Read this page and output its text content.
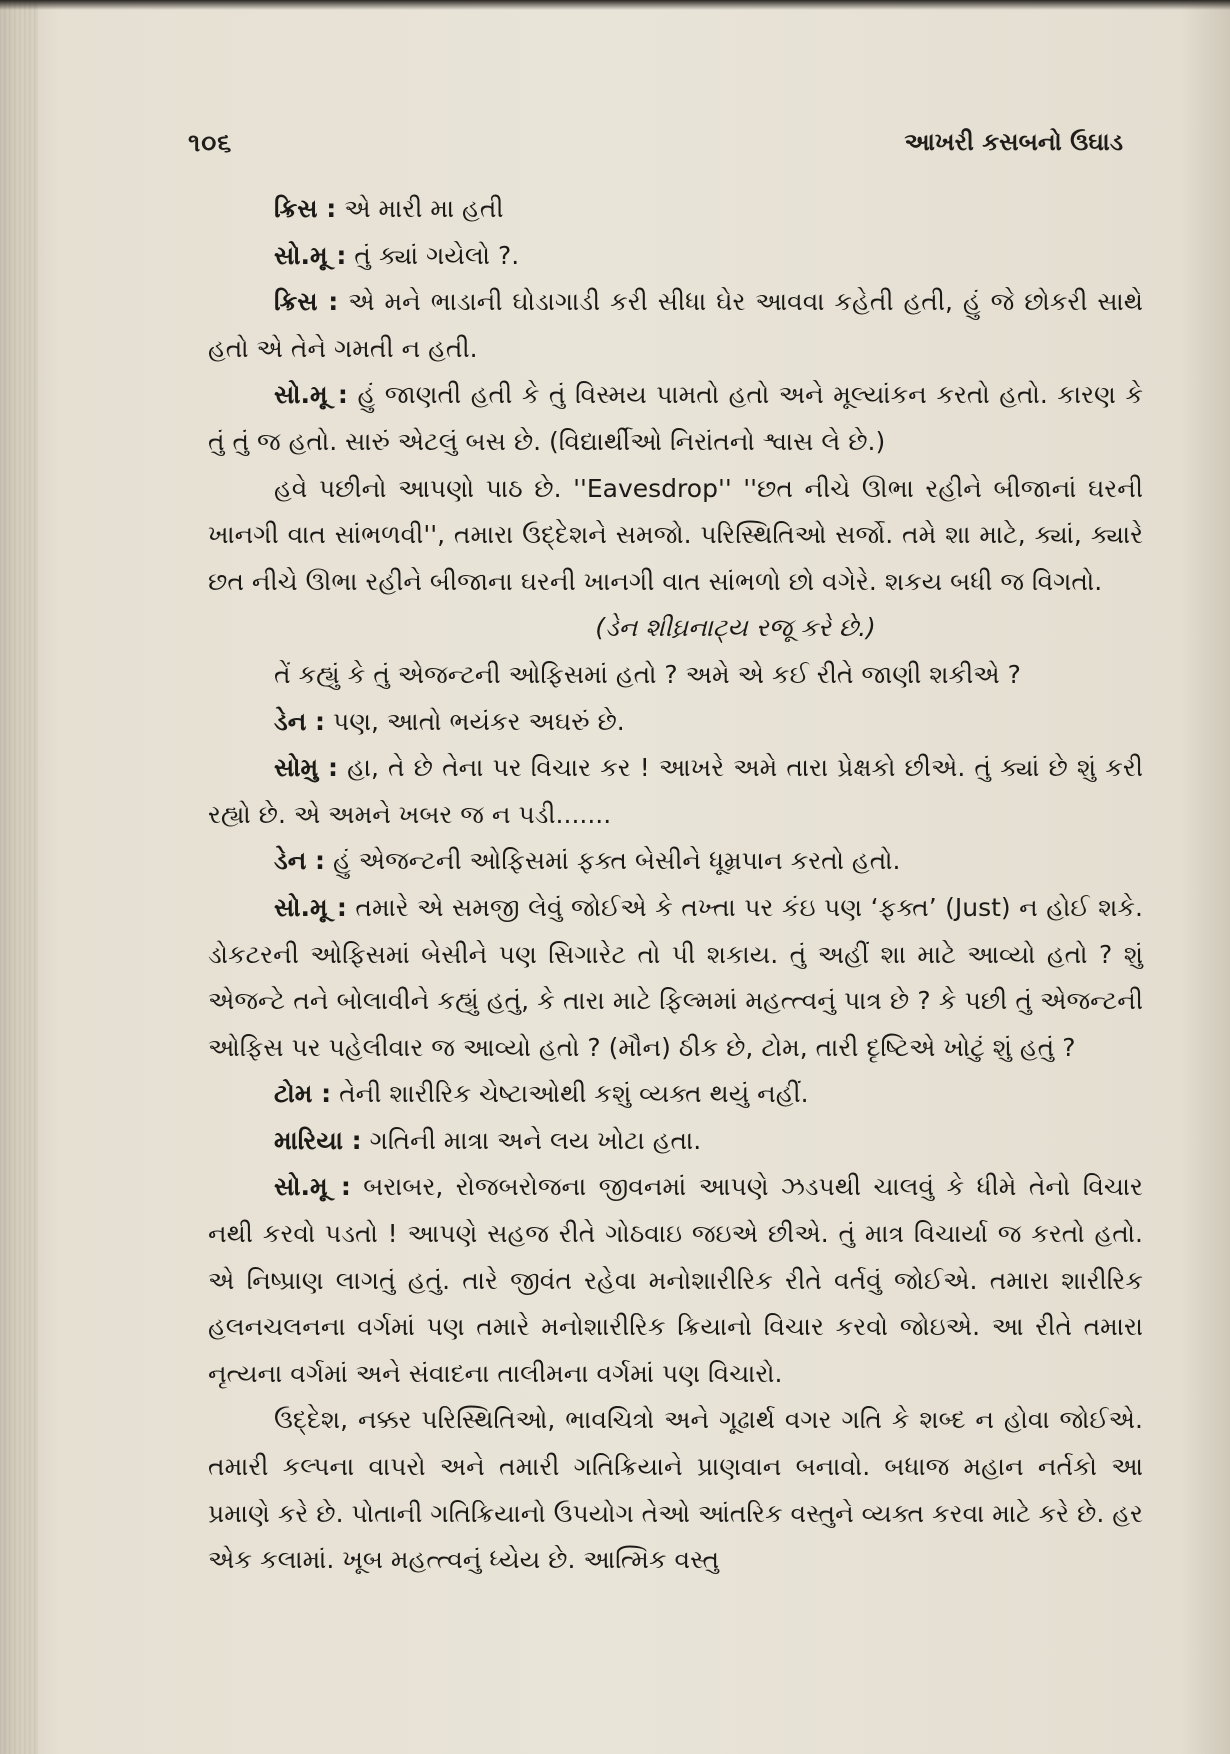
૧૦૬	આખરી કસબનો ઉઘાડ

ક્રિસ : એ મારી મા હતી

સો.મૂ : તું ક્યાં ગયેલો ?.

ક્રિસ : એ મને ભાડાની ઘોડાગાડી કરી સીધા ઘેર આવવા કહેતી હતી, હું જે છોકરી સાથે હતો એ તેને ગમતી ન હતી.

સો.મૂ : હું જાણતી હતી કે તું વિસ્મય પામતો હતો અને મૂલ્યાંકન કરતો હતો. કારણ કે તું તું જ હતો. સારું એટલું બસ છે. (વિદ્યાર્થીઓ નિરાંતનો શ્વાસ લે છે.)

હવે પછીનો આપણો પાઠ છે. ''Eavesdrop'' ''છત નીચે ઊભા રહીને બીજાનાં ઘરની ખાનગી વાત સાંભળવી'', તમારા ઉદ્દેશને સમજો. પરિસ્થિતિઓ સર્જો. તમે શા માટે, ક્યાં, ક્યારે છત નીચે ઊભા રહીને બીજાના ઘરની ખાનગી વાત સાંભળો છો વગેરે. શકય બધી જ વિગતો.

(ડેન શીઘ્રનાટ્ય રજૂ કરે છે.)

તેં કહ્યું કે તું એજન્ટની ઓફિસમાં હતો ? અમે એ કઈ રીતે જાણી શકીએ ?

ડેન : પણ, આતો ભયંકર અઘરું છે.

સોમુ : હા, તે છે તેના પર વિચાર કર ! આખરે અમે તારા પ્રેક્ષકો છીએ. તું ક્યાં છે શું કરી રહ્યો છે. એ અમને ખબર જ ન પડી.......

ડેન : હું એજન્ટની ઓફિસમાં ફક્ત બેસીને ધૂમ્રપાન કરતો હતો.

સો.મૂ : તમારે એ સમજી લેવું જોઈએ કે તખ્તા પર કંઇ પણ ‘ફક્ત’ (Just) ન હોઈ શકે. ડોકટરની ઓફિસમાં બેસીને પણ સિગારેટ તો પી શકાય. તું અહીં શા માટે આવ્યો હતો ? શું એજન્ટે તને બોલાવીને કહ્યું હતું, કે તારા માટે ફિલ્મમાં મહત્ત્વનું પાત્ર છે ? કે પછી તું એજન્ટની ઓફિસ પર પહેલીવાર જ આવ્યો હતો ? (મૌન) ઠીક છે, ટોમ, તારી દૃષ્ટિએ ખોટું શું હતું ?

ટોમ : તેની શારીરિક ચેષ્ટાઓથી કશું વ્યક્ત થયું નહીં.

મારિયા : ગતિની માત્રા અને લય ખોટા હતા.

સો.મૂ : બરાબર, રોજબરોજના જીવનમાં આપણે ઝડપથી ચાલવું કે ધીમે તેનો વિચાર નથી કરવો પડતો ! આપણે સહજ રીતે ગોઠવાઇ જઇએ છીએ. તું માત્ર વિચાર્યા જ કરતો હતો. એ નિષ્પ્રાણ લાગતું હતું. તારે જીવંત રહેવા મનોશારીરિક રીતે વર્તવું જોઈએ. તમારા શારીરિક હલનચલનના વર્ગમાં પણ તમારે મનોશારીરિક ક્રિયાનો વિચાર કરવો જોઇએ. આ રીતે તમારા નૃત્યના વર્ગમાં અને સંવાદના તાલીમના વર્ગમાં પણ વિચારો.

ઉદ્દેશ, નક્કર પરિસ્થિતિઓ, ભાવચિત્રો અને ગૂઢાર્થ વગર ગતિ કે શબ્દ ન હોવા જોઈએ. તમારી કલ્પના વાપરો અને તમારી ગતિક્રિયાને પ્રાણવાન બનાવો. બધાજ મહાન નર્તકો આ પ્રમાણે કરે છે. પોતાની ગતિક્રિયાનો ઉપયોગ તેઓ આંતરિક વસ્તુને વ્યક્ત કરવા માટે કરે છે. હર એક કલામાં. ખૂબ મહત્ત્વનું ધ્યેય છે. આત્મિક વસ્તુ
